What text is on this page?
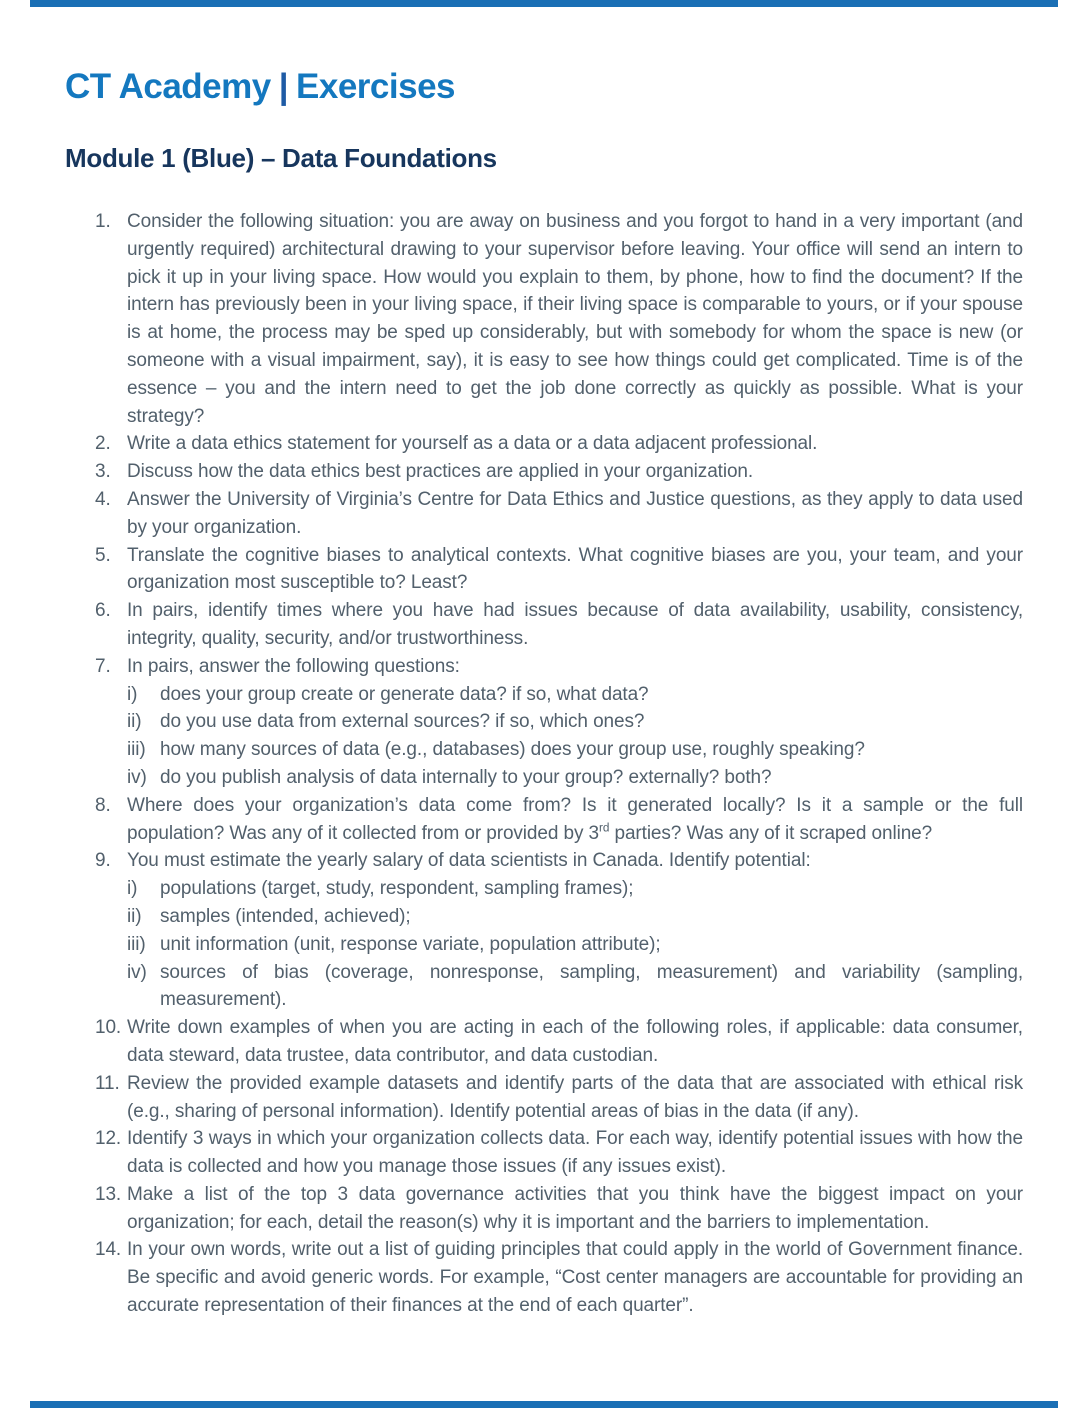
CT Academy | Exercises
Module 1 (Blue) – Data Foundations
1. Consider the following situation: you are away on business and you forgot to hand in a very important (and urgently required) architectural drawing to your supervisor before leaving. Your office will send an intern to pick it up in your living space. How would you explain to them, by phone, how to find the document? If the intern has previously been in your living space, if their living space is comparable to yours, or if your spouse is at home, the process may be sped up considerably, but with somebody for whom the space is new (or someone with a visual impairment, say), it is easy to see how things could get complicated. Time is of the essence – you and the intern need to get the job done correctly as quickly as possible. What is your strategy?
2. Write a data ethics statement for yourself as a data or a data adjacent professional.
3. Discuss how the data ethics best practices are applied in your organization.
4. Answer the University of Virginia’s Centre for Data Ethics and Justice questions, as they apply to data used by your organization.
5. Translate the cognitive biases to analytical contexts. What cognitive biases are you, your team, and your organization most susceptible to? Least?
6. In pairs, identify times where you have had issues because of data availability, usability, consistency, integrity, quality, security, and/or trustworthiness.
7. In pairs, answer the following questions:
i)	does your group create or generate data? if so, what data?
ii) do you use data from external sources? if so, which ones?
iii) how many sources of data (e.g., databases) does your group use, roughly speaking?
iv) do you publish analysis of data internally to your group? externally? both?
8. Where does your organization’s data come from? Is it generated locally? Is it a sample or the full population? Was any of it collected from or provided by 3rd parties? Was any of it scraped online?
9. You must estimate the yearly salary of data scientists in Canada. Identify potential:
i)	populations (target, study, respondent, sampling frames);
ii) samples (intended, achieved);
iii) unit information (unit, response variate, population attribute);
iv) sources of bias (coverage, nonresponse, sampling, measurement) and variability (sampling, measurement).
10. Write down examples of when you are acting in each of the following roles, if applicable: data consumer, data steward, data trustee, data contributor, and data custodian.
11. Review the provided example datasets and identify parts of the data that are associated with ethical risk (e.g., sharing of personal information). Identify potential areas of bias in the data (if any).
12. Identify 3 ways in which your organization collects data. For each way, identify potential issues with how the data is collected and how you manage those issues (if any issues exist).
13. Make a list of the top 3 data governance activities that you think have the biggest impact on your organization; for each, detail the reason(s) why it is important and the barriers to implementation.
14. In your own words, write out a list of guiding principles that could apply in the world of Government finance. Be specific and avoid generic words. For example, “Cost center managers are accountable for providing an accurate representation of their finances at the end of each quarter”.
